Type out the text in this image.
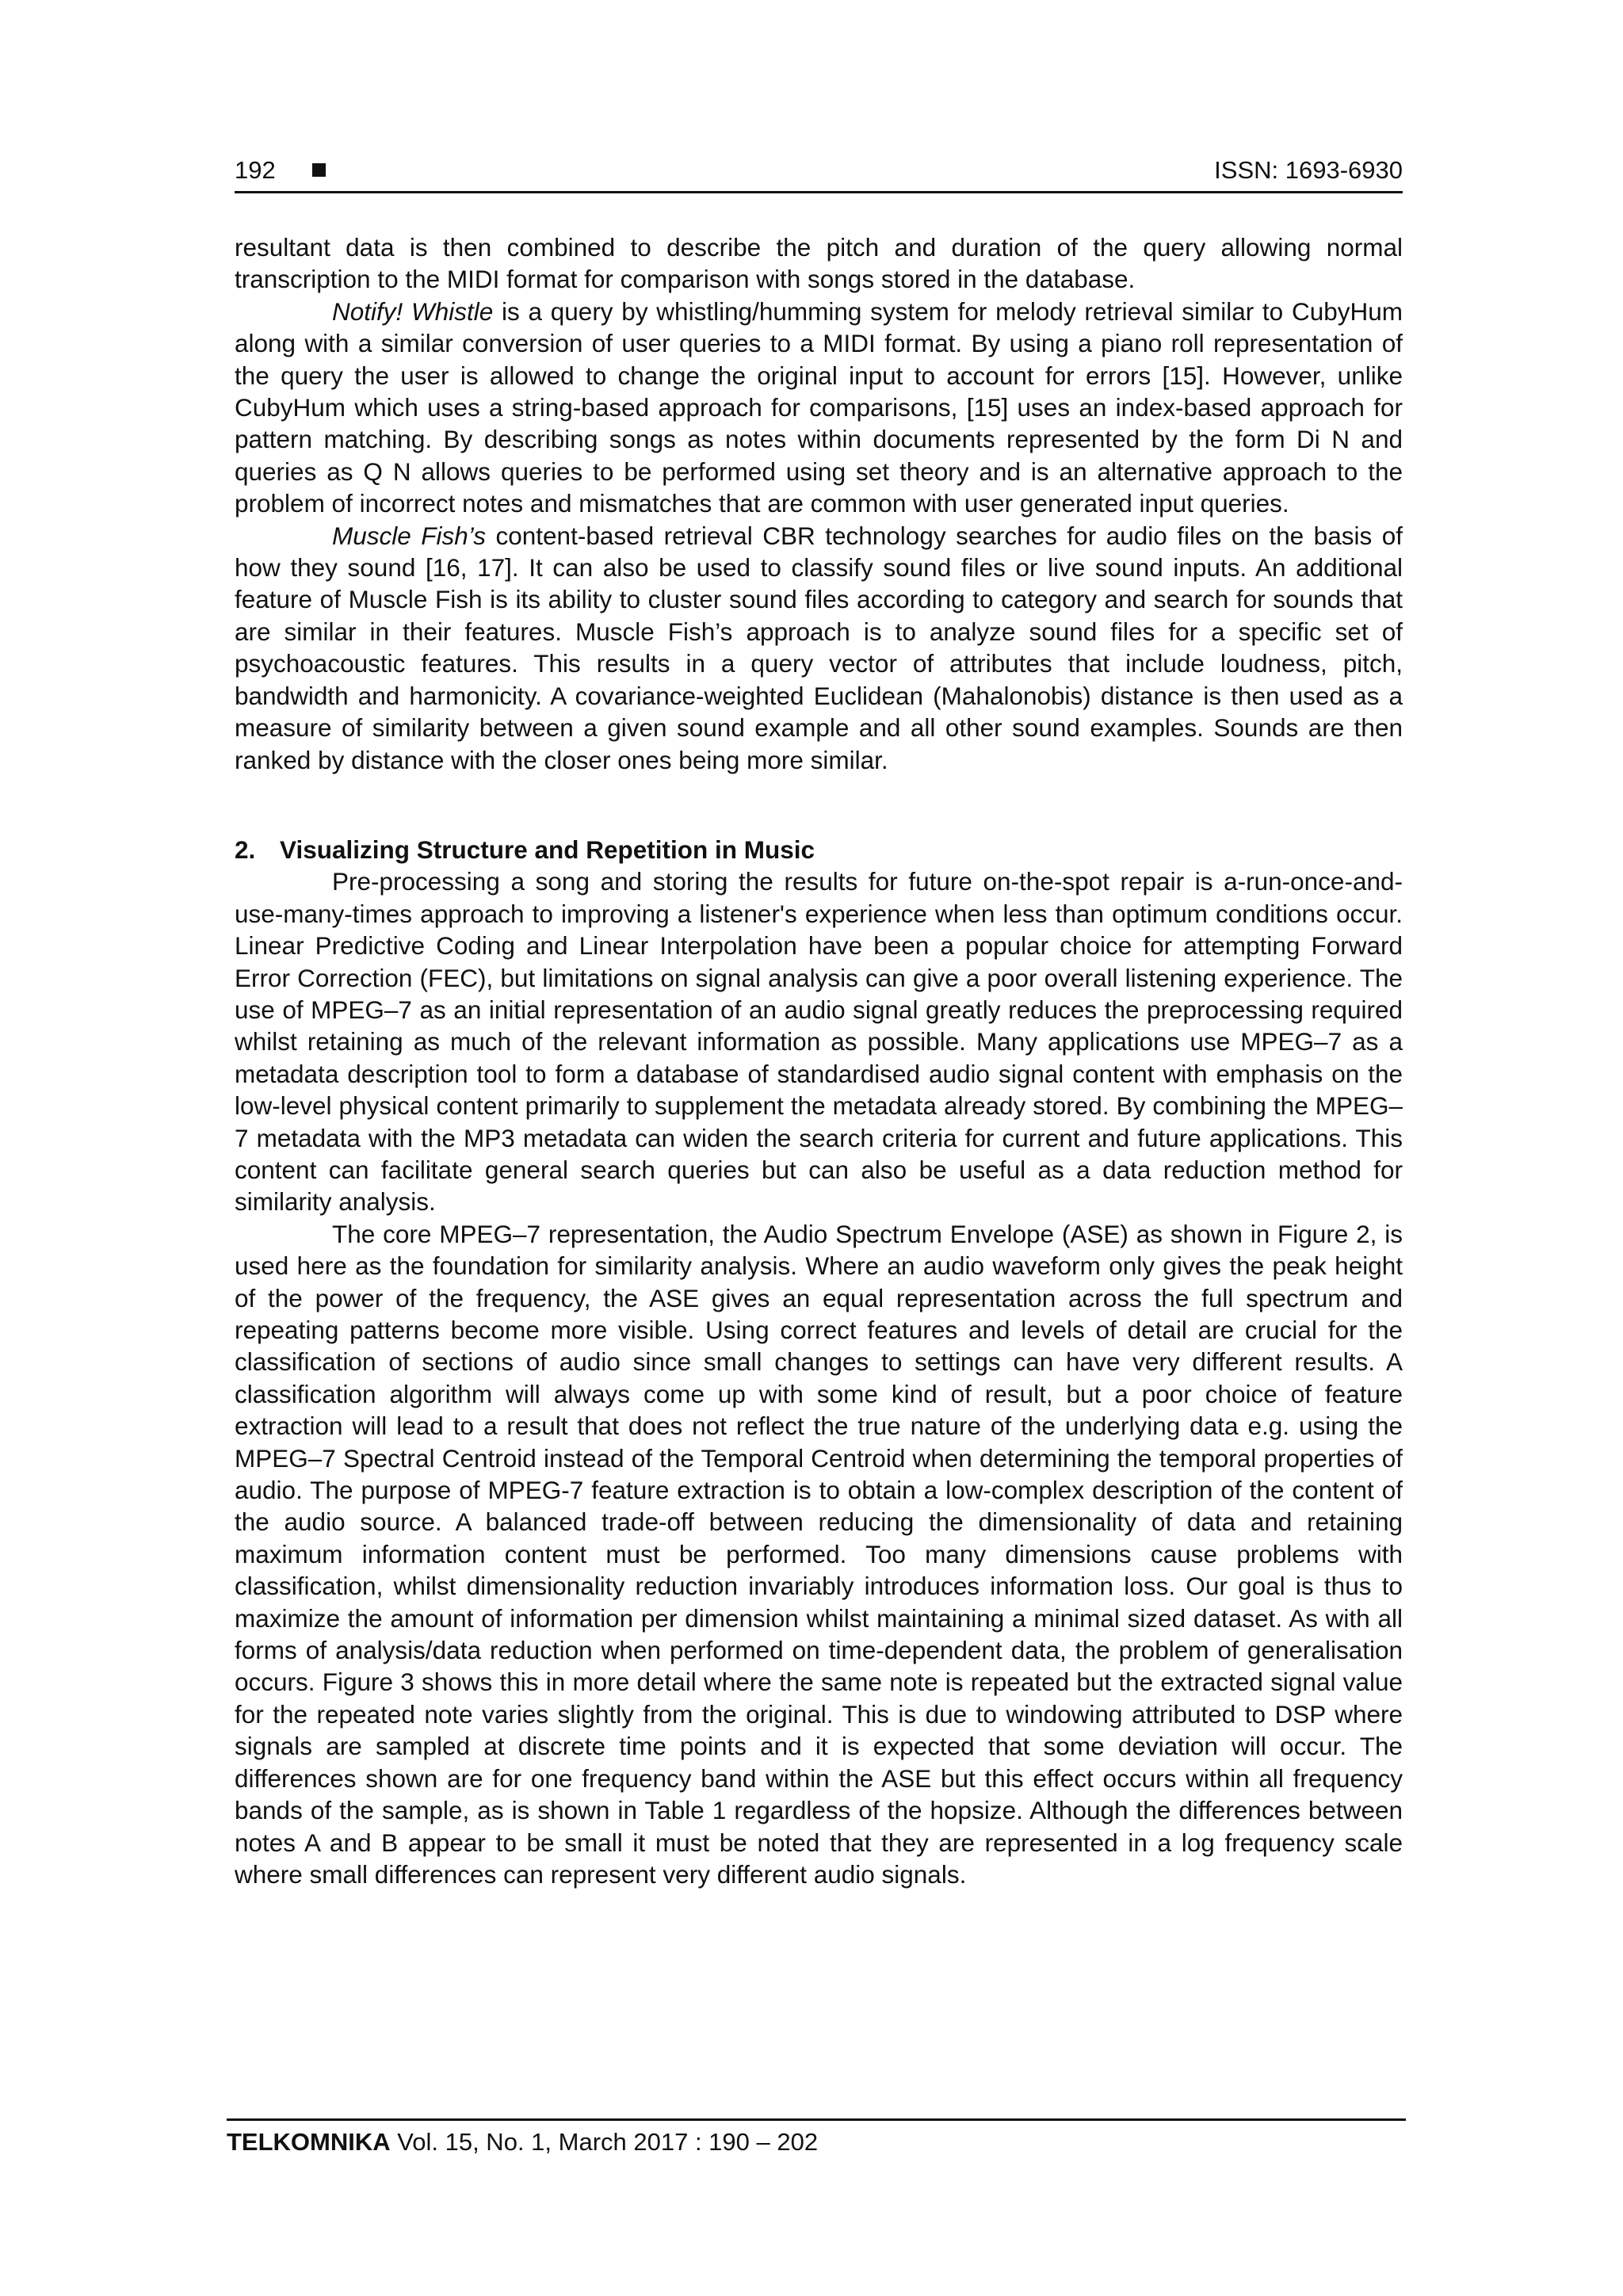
192	ISSN: 1693-6930

resultant data is then combined to describe the pitch and duration of the query allowing normal transcription to the MIDI format for comparison with songs stored in the database.

Notify! Whistle is a query by whistling/humming system for melody retrieval similar to CubyHum along with a similar conversion of user queries to a MIDI format. By using a piano roll representation of the query the user is allowed to change the original input to account for errors [15]. However, unlike CubyHum which uses a string-based approach for comparisons, [15] uses an index-based approach for pattern matching. By describing songs as notes within documents represented by the form Di N and queries as Q N allows queries to be performed using set theory and is an alternative approach to the problem of incorrect notes and mismatches that are common with user generated input queries.

Muscle Fish’s content-based retrieval CBR technology searches for audio files on the basis of how they sound [16, 17]. It can also be used to classify sound files or live sound inputs. An additional feature of Muscle Fish is its ability to cluster sound files according to category and search for sounds that are similar in their features. Muscle Fish’s approach is to analyze sound files for a specific set of psychoacoustic features. This results in a query vector of attributes that include loudness, pitch, bandwidth and harmonicity. A covariance-weighted Euclidean (Mahalonobis) distance is then used as a measure of similarity between a given sound example and all other sound examples. Sounds are then ranked by distance with the closer ones being more similar.

2. Visualizing Structure and Repetition in Music

Pre-processing a song and storing the results for future on-the-spot repair is a-run-once-and-use-many-times approach to improving a listener's experience when less than optimum conditions occur. Linear Predictive Coding and Linear Interpolation have been a popular choice for attempting Forward Error Correction (FEC), but limitations on signal analysis can give a poor overall listening experience. The use of MPEG–7 as an initial representation of an audio signal greatly reduces the preprocessing required whilst retaining as much of the relevant information as possible. Many applications use MPEG–7 as a metadata description tool to form a database of standardised audio signal content with emphasis on the low-level physical content primarily to supplement the metadata already stored. By combining the MPEG–7 metadata with the MP3 metadata can widen the search criteria for current and future applications. This content can facilitate general search queries but can also be useful as a data reduction method for similarity analysis.

The core MPEG–7 representation, the Audio Spectrum Envelope (ASE) as shown in Figure 2, is used here as the foundation for similarity analysis. Where an audio waveform only gives the peak height of the power of the frequency, the ASE gives an equal representation across the full spectrum and repeating patterns become more visible. Using correct features and levels of detail are crucial for the classification of sections of audio since small changes to settings can have very different results. A classification algorithm will always come up with some kind of result, but a poor choice of feature extraction will lead to a result that does not reflect the true nature of the underlying data e.g. using the MPEG–7 Spectral Centroid instead of the Temporal Centroid when determining the temporal properties of audio. The purpose of MPEG-7 feature extraction is to obtain a low-complex description of the content of the audio source. A balanced trade-off between reducing the dimensionality of data and retaining maximum information content must be performed. Too many dimensions cause problems with classification, whilst dimensionality reduction invariably introduces information loss. Our goal is thus to maximize the amount of information per dimension whilst maintaining a minimal sized dataset. As with all forms of analysis/data reduction when performed on time-dependent data, the problem of generalisation occurs. Figure 3 shows this in more detail where the same note is repeated but the extracted signal value for the repeated note varies slightly from the original. This is due to windowing attributed to DSP where signals are sampled at discrete time points and it is expected that some deviation will occur. The differences shown are for one frequency band within the ASE but this effect occurs within all frequency bands of the sample, as is shown in Table 1 regardless of the hopsize. Although the differences between notes A and B appear to be small it must be noted that they are represented in a log frequency scale where small differences can represent very different audio signals.

TELKOMNIKA Vol. 15, No. 1, March 2017 : 190 – 202
